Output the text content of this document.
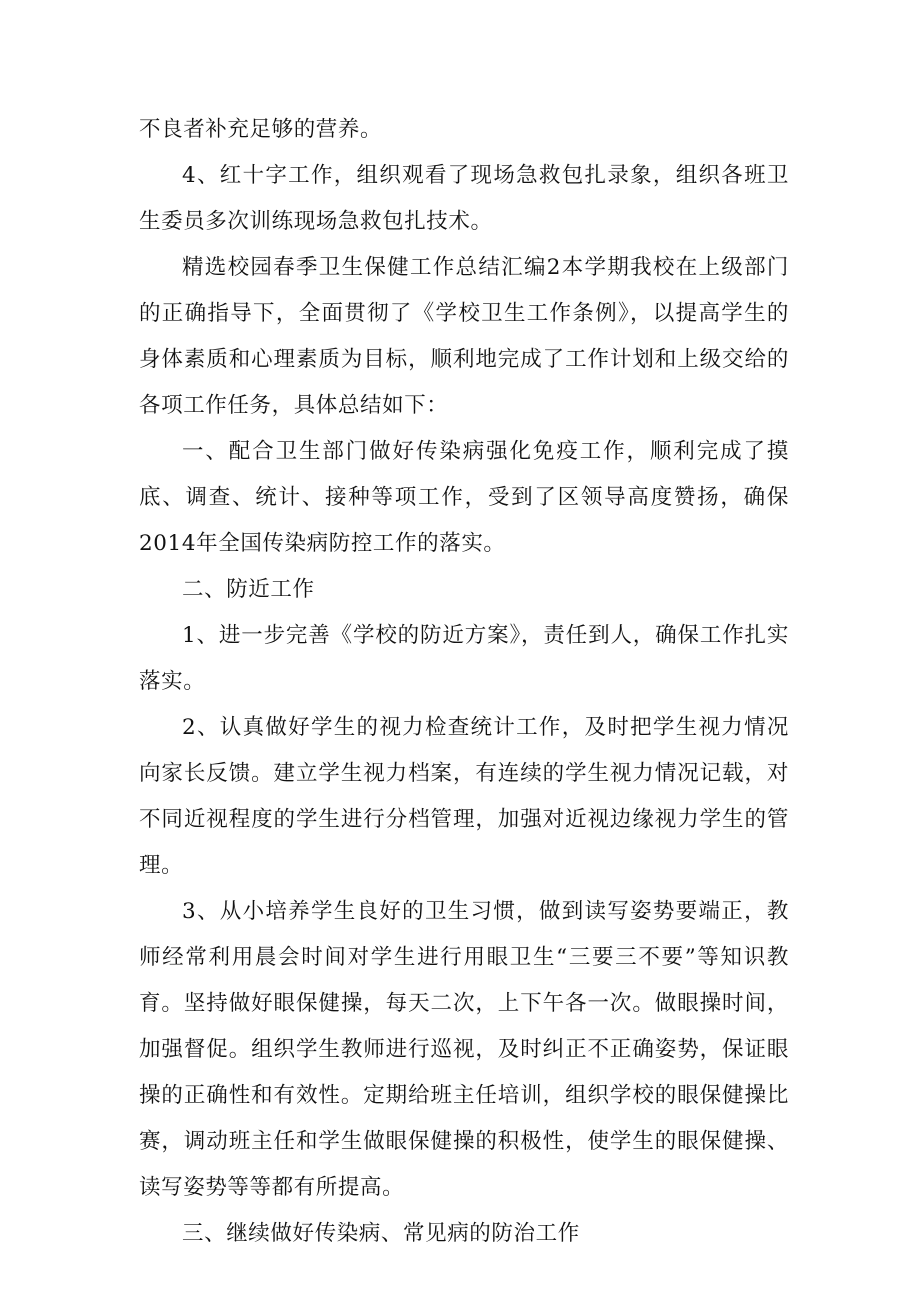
不良者补充足够的营养。

4、红十字工作，组织观看了现场急救包扎录象，组织各班卫生委员多次训练现场急救包扎技术。

精选校园春季卫生保健工作总结汇编2本学期我校在上级部门的正确指导下，全面贯彻了《学校卫生工作条例》，以提高学生的身体素质和心理素质为目标，顺利地完成了工作计划和上级交给的各项工作任务，具体总结如下：

一、配合卫生部门做好传染病强化免疫工作，顺利完成了摸底、调查、统计、接种等项工作，受到了区领导高度赞扬，确保2014年全国传染病防控工作的落实。

二、防近工作

1、进一步完善《学校的防近方案》，责任到人，确保工作扎实落实。

2、认真做好学生的视力检查统计工作，及时把学生视力情况向家长反馈。建立学生视力档案，有连续的学生视力情况记载，对不同近视程度的学生进行分档管理，加强对近视边缘视力学生的管理。

3、从小培养学生良好的卫生习惯，做到读写姿势要端正，教师经常利用晨会时间对学生进行用眼卫生“三要三不要”等知识教育。坚持做好眼保健操，每天二次，上下午各一次。做眼操时间，加强督促。组织学生教师进行巡视，及时纠正不正确姿势，保证眼操的正确性和有效性。定期给班主任培训，组织学校的眼保健操比赛，调动班主任和学生做眼保健操的积极性，使学生的眼保健操、读写姿势等等都有所提高。

三、继续做好传染病、常见病的防治工作
